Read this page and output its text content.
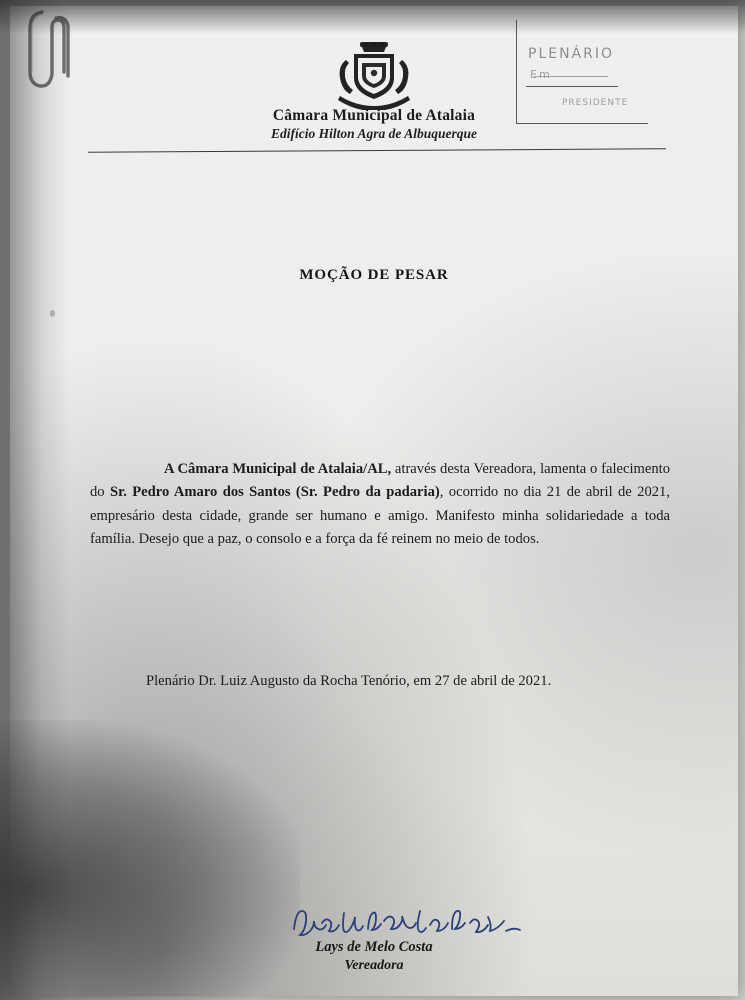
Câmara Municipal de Atalaia
Edifício Hilton Agra de Albuquerque
PLENÁRIO
Em
PRESIDENTE
MOÇÃO DE PESAR

A Câmara Municipal de Atalaia/AL, através desta Vereadora, lamenta o falecimento do Sr. Pedro Amaro dos Santos (Sr. Pedro da padaria), ocorrido no dia 21 de abril de 2021, empresário desta cidade, grande ser humano e amigo. Manifesto minha solidariedade a toda família. Desejo que a paz, o consolo e a força da fé reinem no meio de todos.

Plenário Dr. Luiz Augusto da Rocha Tenório, em 27 de abril de 2021.
Lays de Melo Costa
Vereadora
